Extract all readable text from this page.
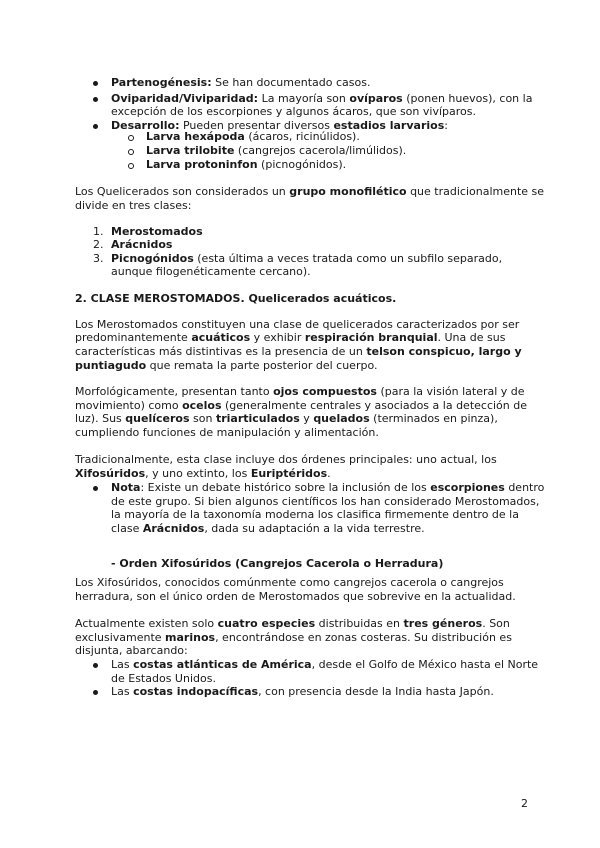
Partenogénesis: Se han documentado casos.
Oviparidad/Viviparidad: La mayoría son ovíparos (ponen huevos), con la
excepción de los escorpiones y algunos ácaros, que son vivíparos.
Desarrollo: Pueden presentar diversos estadios larvarios:
Larva hexápoda (ácaros, ricinúlidos).
Larva trilobite (cangrejos cacerola/limúlidos).
Larva protoninfon (picnogónidos).
Los Quelicerados son considerados un grupo monofilético que tradicionalmente se
divide en tres clases:
1. Merostomados
2. Arácnidos
3. Picnogónidos (esta última a veces tratada como un subfilo separado,
aunque filogenéticamente cercano).
2. CLASE MEROSTOMADOS. Quelicerados acuáticos.
Los Merostomados constituyen una clase de quelicerados caracterizados por ser
predominantemente acuáticos y exhibir respiración branquial. Una de sus
características más distintivas es la presencia de un telson conspicuo, largo y
puntiagudo que remata la parte posterior del cuerpo.
Morfológicamente, presentan tanto ojos compuestos (para la visión lateral y de
movimiento) como ocelos (generalmente centrales y asociados a la detección de
luz). Sus quelíceros son triarticulados y quelados (terminados en pinza),
cumpliendo funciones de manipulación y alimentación.
Tradicionalmente, esta clase incluye dos órdenes principales: uno actual, los
Xifosúridos, y uno extinto, los Euriptéridos.
Nota: Existe un debate histórico sobre la inclusión de los escorpiones dentro
de este grupo. Si bien algunos científicos los han considerado Merostomados,
la mayoría de la taxonomía moderna los clasifica firmemente dentro de la
clase Arácnidos, dada su adaptación a la vida terrestre.
- Orden Xifosúridos (Cangrejos Cacerola o Herradura)
Los Xifosúridos, conocidos comúnmente como cangrejos cacerola o cangrejos
herradura, son el único orden de Merostomados que sobrevive en la actualidad.
Actualmente existen solo cuatro especies distribuidas en tres géneros. Son
exclusivamente marinos, encontrándose en zonas costeras. Su distribución es
disjunta, abarcando:
Las costas atlánticas de América, desde el Golfo de México hasta el Norte
de Estados Unidos.
Las costas indopacíficas, con presencia desde la India hasta Japón.
2
